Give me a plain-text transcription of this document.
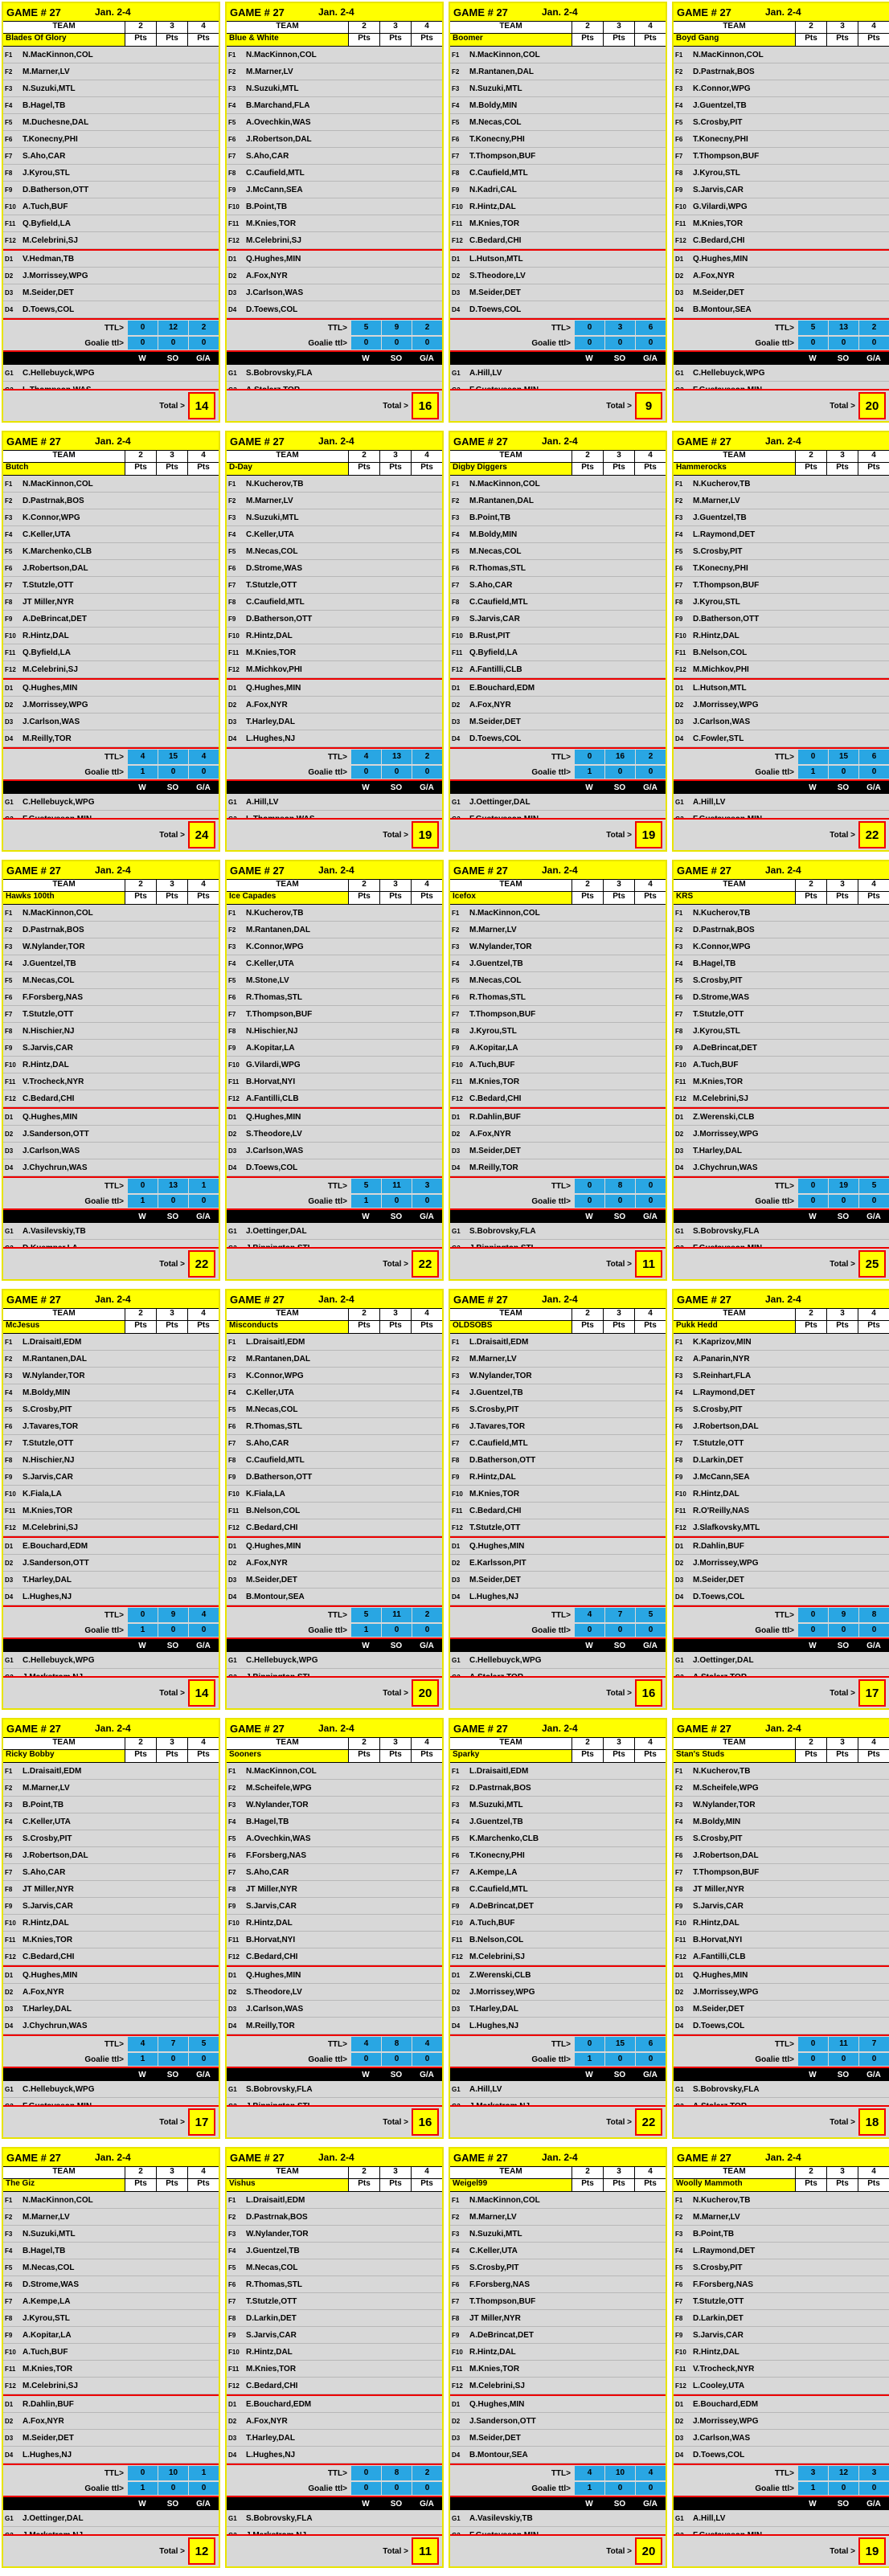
GAME # 27	Jan. 2-4
TEAM	2	3	4
Blades Of Glory	Pts	Pts	Pts
F1	N.MacKinnon,COL
F2	M.Marner,LV
F3	N.Suzuki,MTL
F4	B.Hagel,TB
F5	M.Duchesne,DAL
F6	T.Konecny,PHI
F7	S.Aho,CAR
F8	J.Kyrou,STL
F9	D.Batherson,OTT
F10 A.Tuch,BUF
F11 Q.Byfield,LA
F12 M.Celebrini,SJ
D1	V.Hedman,TB
D2	J.Morrissey,WPG
D3	M.Seider,DET
D4	D.Toews,COL
TTL>	0	12	2
Goalie ttl>	0	0	0
W	SO	G/A
G1	C.Hellebuyck,WPG
Total > 14
GAME # 27	Jan. 2-4
TEAM	2	3	4
Blue & White	Pts	Pts	Pts
F1	N.MacKinnon,COL
F2	M.Marner,LV
F3	N.Suzuki,MTL
F4	B.Marchand,FLA
F5	A.Ovechkin,WAS
F6	J.Robertson,DAL
F7	S.Aho,CAR
F8	C.Caufield,MTL
F9	J.McCann,SEA
F10 B.Point,TB
F11 M.Knies,TOR
F12 M.Celebrini,SJ
D1	Q.Hughes,MIN
D2	A.Fox,NYR
D3	J.Carlson,WAS
D4	D.Toews,COL
TTL>	5	9	2
Goalie ttl>	0	0	0
W	SO	G/A
G1	S.Bobrovsky,FLA
Total > 16
GAME # 27	Jan. 2-4
TEAM	2	3	4
Boomer	Pts	Pts	Pts
F1	N.MacKinnon,COL
F2	M.Rantanen,DAL
F3	N.Suzuki,MTL
F4	M.Boldy,MIN
F5	M.Necas,COL
F6	T.Konecny,PHI
F7	T.Thompson,BUF
F8	C.Caufield,MTL
F9	N.Kadri,CAL
F10 R.Hintz,DAL
F11 M.Knies,TOR
F12 C.Bedard,CHI
D1	L.Hutson,MTL
D2	S.Theodore,LV
D3	M.Seider,DET
D4	D.Toews,COL
TTL>	0	3	6
Goalie ttl>	0	0	0
W	SO	G/A
G1	A.Hill,LV
Total >	9
GAME # 27	Jan. 2-4
TEAM	2	3	4
Boyd Gang	Pts	Pts	Pts
F1	N.MacKinnon,COL
F2	D.Pastrnak,BOS
F3	K.Connor,WPG
F4	J.Guentzel,TB
F5	S.Crosby,PIT
F6	T.Konecny,PHI
F7	T.Thompson,BUF
F8	J.Kyrou,STL
F9	S.Jarvis,CAR
F10 G.Vilardi,WPG
F11 M.Knies,TOR
F12 C.Bedard,CHI
D1	Q.Hughes,MIN
D2	A.Fox,NYR
D3	M.Seider,DET
D4	B.Montour,SEA
TTL>	5	13	2
Goalie ttl>	0	0	0
W	SO	G/A
G1	C.Hellebuyck,WPG
Total > 20
GAME # 27	Jan. 2-4
TEAM	2	3	4
Butch	Pts	Pts	Pts
F1	N.MacKinnon,COL
F2	D.Pastrnak,BOS
F3	K.Connor,WPG
F4	C.Keller,UTA
F5	K.Marchenko,CLB
F6	J.Robertson,DAL
F7	T.Stutzle,OTT
F8	JT Miller,NYR
F9	A.DeBrincat,DET
F10 R.Hintz,DAL
F11 Q.Byfield,LA
F12 M.Celebrini,SJ
D1	Q.Hughes,MIN
D2	J.Morrissey,WPG
D3	J.Carlson,WAS
D4	M.Reilly,TOR
TTL>	4	15	4
Goalie ttl>	1	0	0
W	SO	G/A
G1	C.Hellebuyck,WPG
Total > 24
GAME # 27	Jan. 2-4
TEAM	2	3	4
D-Day	Pts	Pts	Pts
F1	N.Kucherov,TB
F2	M.Marner,LV
F3	N.Suzuki,MTL
F4	C.Keller,UTA
F5	M.Necas,COL
F6	D.Strome,WAS
F7	T.Stutzle,OTT
F8	C.Caufield,MTL
F9	D.Batherson,OTT
F10 R.Hintz,DAL
F11 M.Knies,TOR
F12 M.Michkov,PHI
D1	Q.Hughes,MIN
D2	A.Fox,NYR
D3	T.Harley,DAL
D4	L.Hughes,NJ
TTL>	4	13	2
Goalie ttl>	0	0	0
W	SO	G/A
G1	A.Hill,LV
Total > 19
GAME # 27	Jan. 2-4
TEAM	2	3	4
Digby Diggers	Pts	Pts	Pts
F1	N.MacKinnon,COL
F2	M.Rantanen,DAL
F3	B.Point,TB
F4	M.Boldy,MIN
F5	M.Necas,COL
F6	R.Thomas,STL
F7	S.Aho,CAR
F8	C.Caufield,MTL
F9	S.Jarvis,CAR
F10 B.Rust,PIT
F11 Q.Byfield,LA
F12 A.Fantilli,CLB
D1	E.Bouchard,EDM
D2	A.Fox,NYR
D3	M.Seider,DET
D4	D.Toews,COL
TTL>	0	16	2
Goalie ttl>	1	0	0
W	SO	G/A
G1	J.Oettinger,DAL
Total > 19
GAME # 27	Jan. 2-4
TEAM	2	3	4
Hammerocks	Pts	Pts	Pts
F1	N.Kucherov,TB
F2	M.Marner,LV
F3	J.Guentzel,TB
F4	L.Raymond,DET
F5	S.Crosby,PIT
F6	T.Konecny,PHI
F7	T.Thompson,BUF
F8	J.Kyrou,STL
F9	D.Batherson,OTT
F10 R.Hintz,DAL
F11 B.Nelson,COL
F12 M.Michkov,PHI
D1	L.Hutson,MTL
D2	J.Morrissey,WPG
D3	J.Carlson,WAS
D4	C.Fowler,STL
TTL>	0	15	6
Goalie ttl>	1	0	0
W	SO	G/A
G1	A.Hill,LV
Total > 22
GAME # 27	Jan. 2-4
TEAM	2	3	4
Hawks 100th	Pts	Pts	Pts
F1	N.MacKinnon,COL
F2	D.Pastrnak,BOS
F3	W.Nylander,TOR
F4	J.Guentzel,TB
F5	M.Necas,COL
F6	F.Forsberg,NAS
F7	T.Stutzle,OTT
F8	N.Hischier,NJ
F9	S.Jarvis,CAR
F10 R.Hintz,DAL
F11 V.Trocheck,NYR
F12 C.Bedard,CHI
D1	Q.Hughes,MIN
D2	J.Sanderson,OTT
D3	J.Carlson,WAS
D4	J.Chychrun,WAS
TTL>	0	13	1
Goalie ttl>	1	0	0
W	SO	G/A
G1	A.Vasilevskiy,TB
Total > 22
GAME # 27	Jan. 2-4
TEAM	2	3	4
Ice Capades	Pts	Pts	Pts
F1	N.Kucherov,TB
F2	M.Rantanen,DAL
F3	K.Connor,WPG
F4	C.Keller,UTA
F5	M.Stone,LV
F6	R.Thomas,STL
F7	T.Thompson,BUF
F8	N.Hischier,NJ
F9	A.Kopitar,LA
F10 G.Vilardi,WPG
F11 B.Horvat,NYI
F12 A.Fantilli,CLB
D1	Q.Hughes,MIN
D2	S.Theodore,LV
D3	J.Carlson,WAS
D4	D.Toews,COL
TTL>	5	11	3
Goalie ttl>	1	0	0
W	SO	G/A
G1	J.Oettinger,DAL
Total > 22
GAME # 27	Jan. 2-4
TEAM	2	3	4
Icefox	Pts	Pts	Pts
F1	N.MacKinnon,COL
F2	M.Marner,LV
F3	W.Nylander,TOR
F4	J.Guentzel,TB
F5	M.Necas,COL
F6	R.Thomas,STL
F7	T.Thompson,BUF
F8	J.Kyrou,STL
F9	A.Kopitar,LA
F10 A.Tuch,BUF
F11 M.Knies,TOR
F12 C.Bedard,CHI
D1	R.Dahlin,BUF
D2	A.Fox,NYR
D3	M.Seider,DET
D4	M.Reilly,TOR
TTL>	0	8	0
Goalie ttl>	0	0	0
W	SO	G/A
G1	S.Bobrovsky,FLA
Total > 11
GAME # 27	Jan. 2-4
TEAM	2	3	4
KRS	Pts	Pts	Pts
F1	N.Kucherov,TB
F2	D.Pastrnak,BOS
F3	K.Connor,WPG
F4	B.Hagel,TB
F5	S.Crosby,PIT
F6	D.Strome,WAS
F7	T.Stutzle,OTT
F8	J.Kyrou,STL
F9	A.DeBrincat,DET
F10 A.Tuch,BUF
F11 M.Knies,TOR
F12 M.Celebrini,SJ
D1	Z.Werenski,CLB
D2	J.Morrissey,WPG
D3	T.Harley,DAL
D4	J.Chychrun,WAS
TTL>	0	19	5
Goalie ttl>	0	0	0
W	SO	G/A
G1	S.Bobrovsky,FLA
Total > 25
GAME # 27	Jan. 2-4
TEAM	2	3	4
McJesus	Pts	Pts	Pts
F1	L.Draisaitl,EDM
F2	M.Rantanen,DAL
F3	W.Nylander,TOR
F4	M.Boldy,MIN
F5	S.Crosby,PIT
F6	J.Tavares,TOR
F7	T.Stutzle,OTT
F8	N.Hischier,NJ
F9	S.Jarvis,CAR
F10 K.Fiala,LA
F11 M.Knies,TOR
F12 M.Celebrini,SJ
D1	E.Bouchard,EDM
D2	J.Sanderson,OTT
D3	T.Harley,DAL
D4	L.Hughes,NJ
TTL>	0	9	4
Goalie ttl>	1	0	0
W	SO	G/A
G1	C.Hellebuyck,WPG
Total > 14
GAME # 27	Jan. 2-4
TEAM	2	3	4
Misconducts	Pts	Pts	Pts
F1	L.Draisaitl,EDM
F2	M.Rantanen,DAL
F3	K.Connor,WPG
F4	C.Keller,UTA
F5	M.Necas,COL
F6	R.Thomas,STL
F7	S.Aho,CAR
F8	C.Caufield,MTL
F9	D.Batherson,OTT
F10 K.Fiala,LA
F11 B.Nelson,COL
F12 C.Bedard,CHI
D1	Q.Hughes,MIN
D2	A.Fox,NYR
D3	M.Seider,DET
D4	B.Montour,SEA
TTL>	5	11	2
Goalie ttl>	1	0	0
W	SO	G/A
G1	C.Hellebuyck,WPG
Total > 20
GAME # 27	Jan. 2-4
TEAM	2	3	4
OLDSOBS	Pts	Pts	Pts
F1	L.Draisaitl,EDM
F2	M.Marner,LV
F3	W.Nylander,TOR
F4	J.Guentzel,TB
F5	S.Crosby,PIT
F6	J.Tavares,TOR
F7	C.Caufield,MTL
F8	D.Batherson,OTT
F9	R.Hintz,DAL
F10 M.Knies,TOR
F11 C.Bedard,CHI
F12 T.Stutzle,OTT
D1	Q.Hughes,MIN
D2	E.Karlsson,PIT
D3	M.Seider,DET
D4	L.Hughes,NJ
TTL>	4	7	5
Goalie ttl>	0	0	0
W	SO	G/A
G1	C.Hellebuyck,WPG
Total > 16
GAME # 27	Jan. 2-4
TEAM	2	3	4
Pukk Hedd	Pts	Pts	Pts
F1	K.Kaprizov,MIN
F2	A.Panarin,NYR
F3	S.Reinhart,FLA
F4	L.Raymond,DET
F5	S.Crosby,PIT
F6	J.Robertson,DAL
F7	T.Stutzle,OTT
F8	D.Larkin,DET
F9	J.McCann,SEA
F10 R.Hintz,DAL
F11 R.O'Reilly,NAS
F12 J.Slafkovsky,MTL
D1	R.Dahlin,BUF
D2	J.Morrissey,WPG
D3	M.Seider,DET
D4	D.Toews,COL
TTL>	0	9	8
Goalie ttl>	0	0	0
W	SO	G/A
G1	J.Oettinger,DAL
Total > 17
GAME # 27	Jan. 2-4
TEAM	2	3	4
Ricky Bobby	Pts	Pts	Pts
F1	L.Draisaitl,EDM
F2	M.Marner,LV
F3	B.Point,TB
F4	C.Keller,UTA
F5	S.Crosby,PIT
F6	J.Robertson,DAL
F7	S.Aho,CAR
F8	JT Miller,NYR
F9	S.Jarvis,CAR
F10 R.Hintz,DAL
F11 M.Knies,TOR
F12 C.Bedard,CHI
D1	Q.Hughes,MIN
D2	A.Fox,NYR
D3	T.Harley,DAL
D4	J.Chychrun,WAS
TTL>	4	7	5
Goalie ttl>	1	0	0
W	SO	G/A
G1	C.Hellebuyck,WPG
Total > 17
GAME # 27	Jan. 2-4
TEAM	2	3	4
Sooners	Pts	Pts	Pts
F1	N.MacKinnon,COL
F2	M.Scheifele,WPG
F3	W.Nylander,TOR
F4	B.Hagel,TB
F5	A.Ovechkin,WAS
F6	F.Forsberg,NAS
F7	S.Aho,CAR
F8	JT Miller,NYR
F9	S.Jarvis,CAR
F10 R.Hintz,DAL
F11 B.Horvat,NYI
F12 C.Bedard,CHI
D1	Q.Hughes,MIN
D2	S.Theodore,LV
D3	J.Carlson,WAS
D4	M.Reilly,TOR
TTL>	4	8	4
Goalie ttl>	0	0	0
W	SO	G/A
G1	S.Bobrovsky,FLA
Total > 16
GAME # 27	Jan. 2-4
TEAM	2	3	4
Sparky	Pts	Pts	Pts
F1	L.Draisaitl,EDM
F2	D.Pastrnak,BOS
F3	M.Suzuki,MTL
F4	J.Guentzel,TB
F5	K.Marchenko,CLB
F6	T.Konecny,PHI
F7	A.Kempe,LA
F8	C.Caufield,MTL
F9	A.DeBrincat,DET
F10 A.Tuch,BUF
F11 B.Nelson,COL
F12 M.Celebrini,SJ
D1	Z.Werenski,CLB
D2	J.Morrissey,WPG
D3	T.Harley,DAL
D4	L.Hughes,NJ
TTL>	0	15	6
Goalie ttl>	1	0	0
W	SO	G/A
G1	A.Hill,LV
Total > 22
GAME # 27	Jan. 2-4
TEAM	2	3	4
Stan's Studs	Pts	Pts	Pts
F1	N.Kucherov,TB
F2	M.Scheifele,WPG
F3	W.Nylander,TOR
F4	M.Boldy,MIN
F5	S.Crosby,PIT
F6	J.Robertson,DAL
F7	T.Thompson,BUF
F8	JT Miller,NYR
F9	S.Jarvis,CAR
F10 R.Hintz,DAL
F11 B.Horvat,NYI
F12 A.Fantilli,CLB
D1	Q.Hughes,MIN
D2	J.Morrissey,WPG
D3	M.Seider,DET
D4	D.Toews,COL
TTL>	0	11	7
Goalie ttl>	0	0	0
W	SO	G/A
G1	S.Bobrovsky,FLA
Total > 18
GAME # 27	Jan. 2-4
TEAM	2	3	4
The Giz	Pts	Pts	Pts
F1	N.MacKinnon,COL
F2	M.Marner,LV
F3	N.Suzuki,MTL
F4	B.Hagel,TB
F5	M.Necas,COL
F6	D.Strome,WAS
F7	A.Kempe,LA
F8	J.Kyrou,STL
F9	A.Kopitar,LA
F10 A.Tuch,BUF
F11 M.Knies,TOR
F12 M.Celebrini,SJ
D1	R.Dahlin,BUF
D2	A.Fox,NYR
D3	M.Seider,DET
D4	L.Hughes,NJ
TTL>	0	10	1
Goalie ttl>	1	0	0
W	SO	G/A
G1	J.Oettinger,DAL
Total > 12
GAME # 27	Jan. 2-4
TEAM	2	3	4
Vishus	Pts	Pts	Pts
F1	L.Draisaitl,EDM
F2	D.Pastrnak,BOS
F3	W.Nylander,TOR
F4	J.Guentzel,TB
F5	M.Necas,COL
F6	R.Thomas,STL
F7	T.Stutzle,OTT
F8	D.Larkin,DET
F9	S.Jarvis,CAR
F10 R.Hintz,DAL
F11 M.Knies,TOR
F12 C.Bedard,CHI
D1	E.Bouchard,EDM
D2	A.Fox,NYR
D3	T.Harley,DAL
D4	L.Hughes,NJ
TTL>	0	8	2
Goalie ttl>	0	0	0
W	SO	G/A
G1	S.Bobrovsky,FLA
Total > 11
GAME # 27	Jan. 2-4
TEAM	2	3	4
Weigel99	Pts	Pts	Pts
F1	N.MacKinnon,COL
F2	M.Marner,LV
F3	N.Suzuki,MTL
F4	C.Keller,UTA
F5	S.Crosby,PIT
F6	F.Forsberg,NAS
F7	T.Thompson,BUF
F8	JT Miller,NYR
F9	A.DeBrincat,DET
F10 R.Hintz,DAL
F11 M.Knies,TOR
F12 M.Celebrini,SJ
D1	Q.Hughes,MIN
D2	J.Sanderson,OTT
D3	M.Seider,DET
D4	B.Montour,SEA
TTL>	4	10	4
Goalie ttl>	1	0	0
W	SO	G/A
G1	A.Vasilevskiy,TB
Total > 20
GAME # 27	Jan. 2-4
TEAM	2	3	4
Woolly Mammoth	Pts	Pts	Pts
F1	N.Kucherov,TB
F2	M.Marner,LV
F3	B.Point,TB
F4	L.Raymond,DET
F5	S.Crosby,PIT
F6	F.Forsberg,NAS
F7	T.Stutzle,OTT
F8	D.Larkin,DET
F9	S.Jarvis,CAR
F10 R.Hintz,DAL
F11 V.Trocheck,NYR
F12 L.Cooley,UTA
D1	E.Bouchard,EDM
D2	J.Morrissey,WPG
D3	J.Carlson,WAS
D4	D.Toews,COL
TTL>	3	12	3
Goalie ttl>	1	0	0
W	SO	G/A
G1	A.Hill,LV
Total > 19
